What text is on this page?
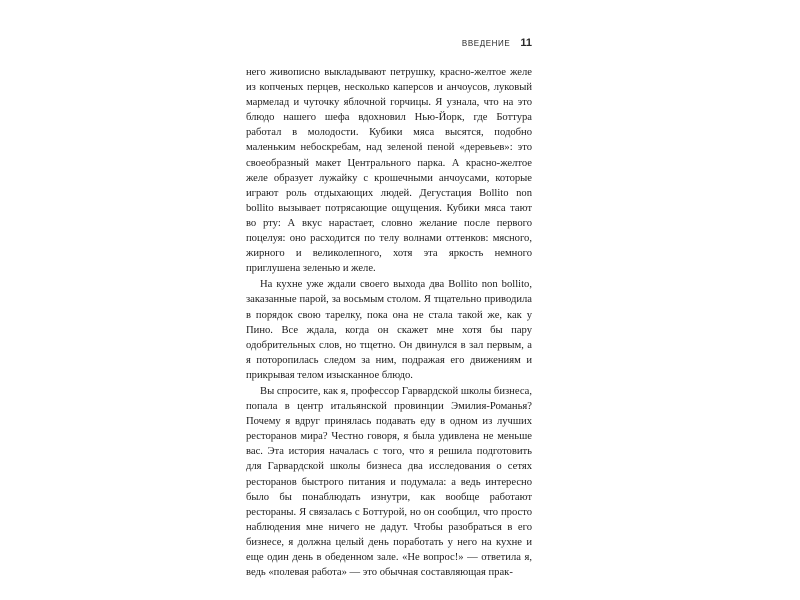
ВВЕДЕНИЕ 11

него живописно выкладывают петрушку, красно-желтое желе из копченых перцев, несколько каперсов и анчоусов, луковый мармелад и чуточку яблочной горчицы. Я узнала, что на это блюдо нашего шефа вдохновил Нью-Йорк, где Боттура работал в молодости. Кубики мяса высятся, подобно маленьким небоскребам, над зеленой пеной «деревьев»: это своеобразный макет Центрального парка. А красно-желтое желе образует лужайку с крошечными анчоусами, которые играют роль отдыхающих людей. Дегустация Bollito non bollito вызывает потрясающие ощущения. Кубики мяса тают во рту: А вкус нарастает, словно желание после первого поцелуя: оно расходится по телу волнами оттенков: мясного, жирного и великолепного, хотя эта яркость немного приглушена зеленью и желе.

На кухне уже ждали своего выхода два Bollito non bollito, заказанные парой, за восьмым столом. Я тщательно приводила в порядок свою тарелку, пока она не стала такой же, как у Пино. Все ждала, когда он скажет мне хотя бы пару одобрительных слов, но тщетно. Он двинулся в зал первым, а я поторопилась следом за ним, подражая его движениям и прикрывая телом изысканное блюдо.

Вы спросите, как я, профессор Гарвардской школы бизнеса, попала в центр итальянской провинции Эмилия-Романья? Почему я вдруг принялась подавать еду в одном из лучших ресторанов мира? Честно говоря, я была удивлена не меньше вас. Эта история началась с того, что я решила подготовить для Гарвардской школы бизнеса два исследования о сетях ресторанов быстрого питания и подумала: а ведь интересно было бы понаблюдать изнутри, как вообще работают рестораны. Я связалась с Боттурой, но он сообщил, что просто наблюдения мне ничего не дадут. Чтобы разобраться в его бизнесе, я должна целый день поработать у него на кухне и еще один день в обеденном зале. «Не вопрос!» — ответила я, ведь «полевая работа» — это обычная составляющая прак-
